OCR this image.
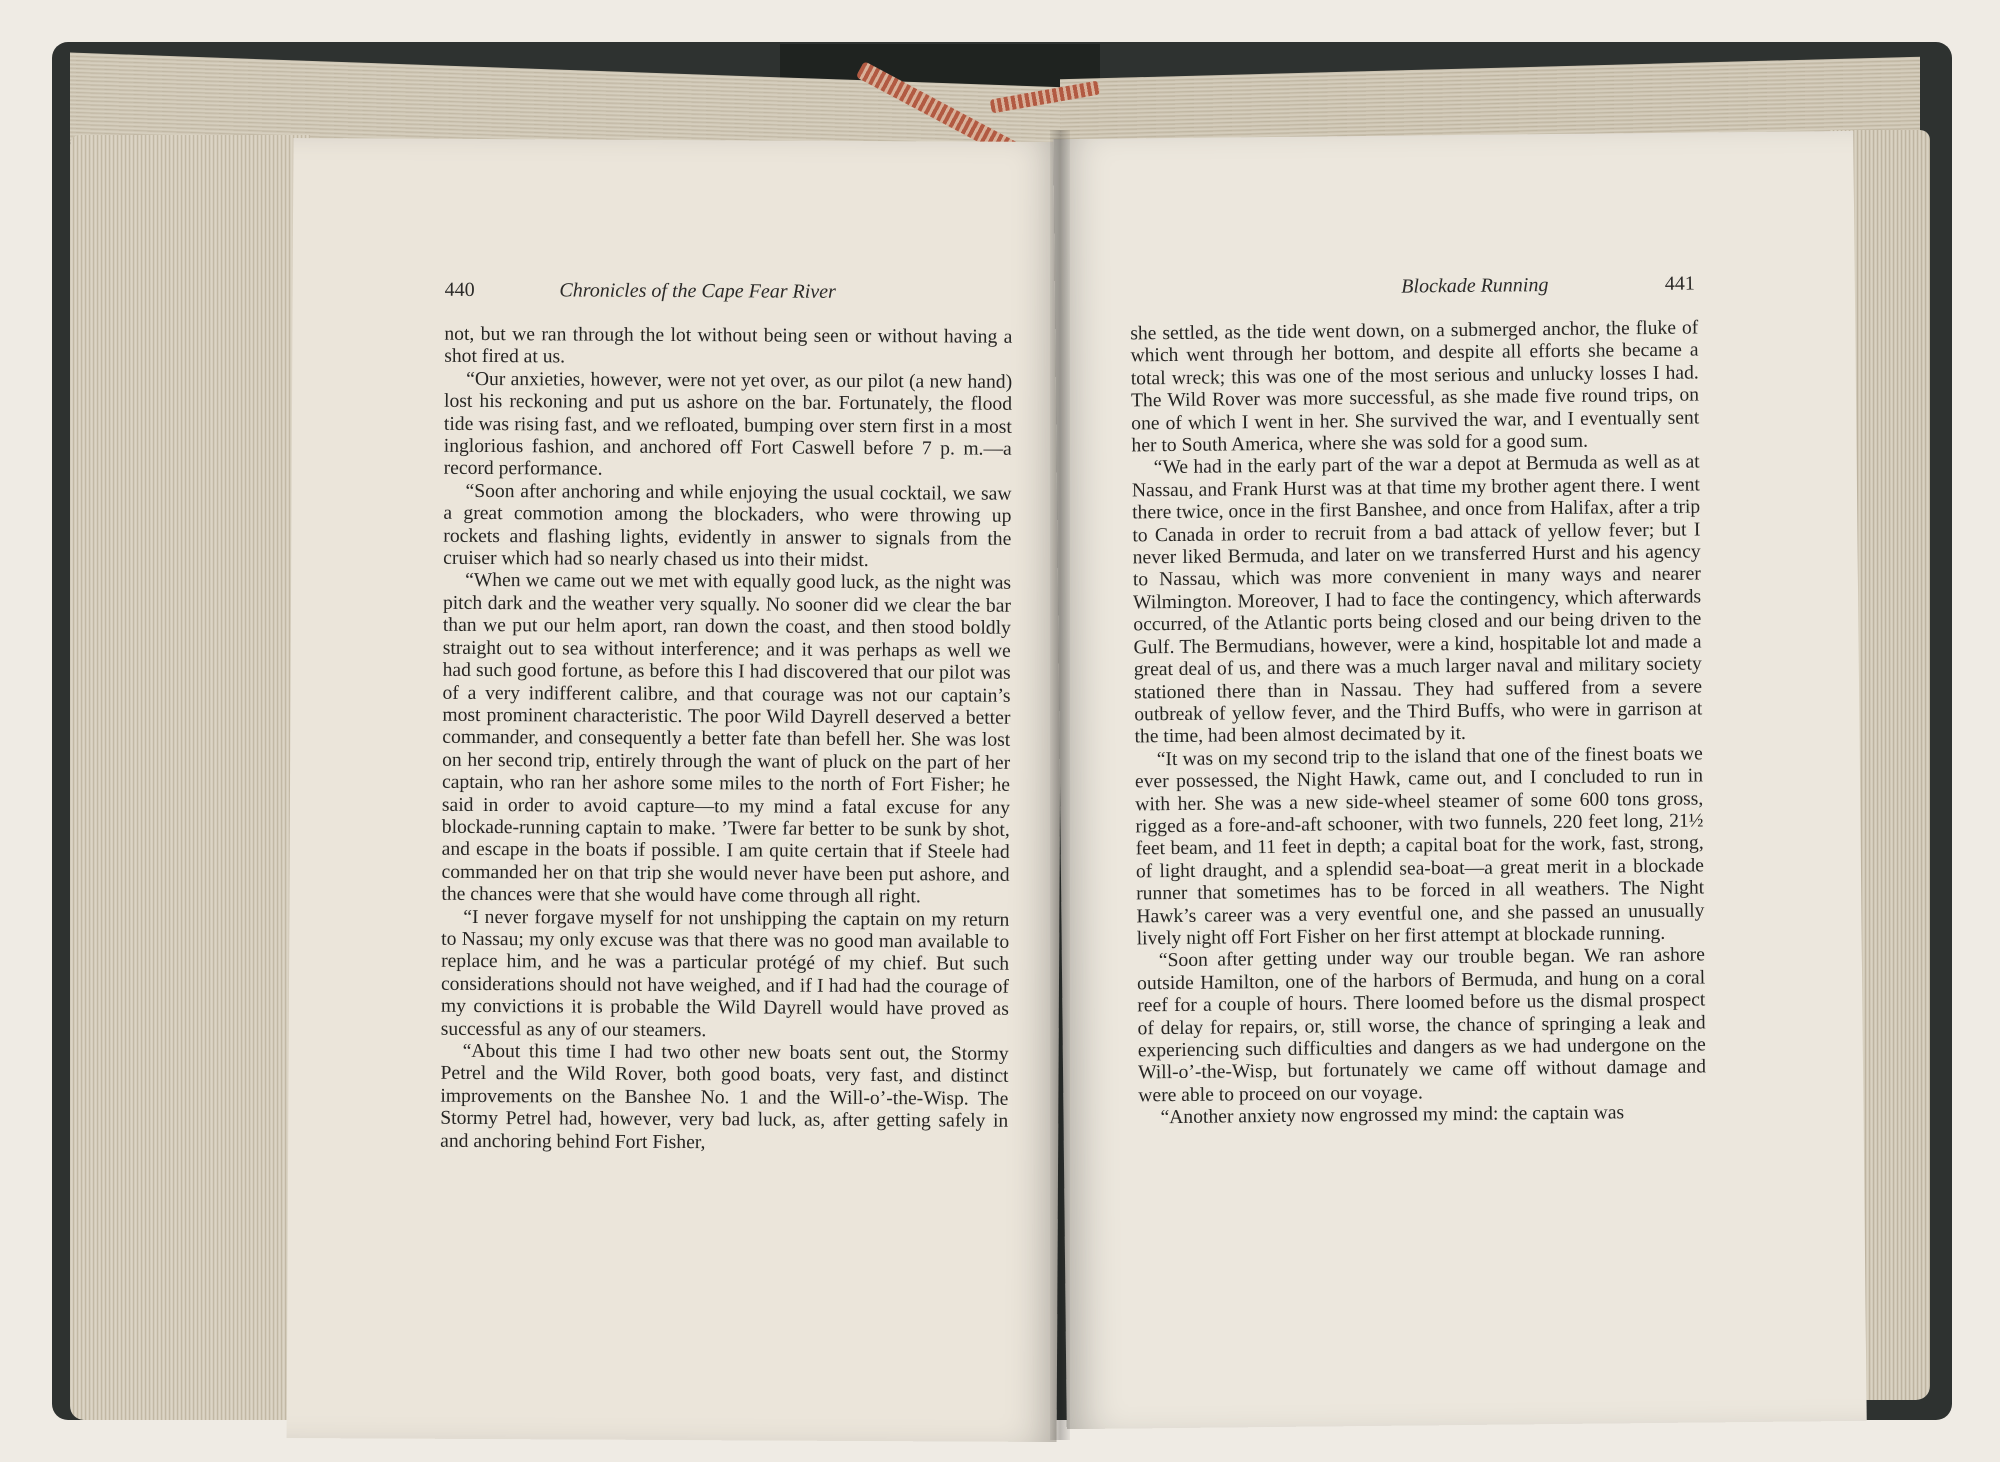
440	Chronicles of the Cape Fear River

not, but we ran through the lot without being seen or without having a shot fired at us.

“Our anxieties, however, were not yet over, as our pilot (a new hand) lost his reckoning and put us ashore on the bar. Fortunately, the flood tide was rising fast, and we refloated, bumping over stern first in a most inglorious fashion, and anchored off Fort Caswell before 7 p. m.—a record performance.

“Soon after anchoring and while enjoying the usual cocktail, we saw a great commotion among the blockaders, who were throwing up rockets and flashing lights, evidently in answer to signals from the cruiser which had so nearly chased us into their midst.

“When we came out we met with equally good luck, as the night was pitch dark and the weather very squally. No sooner did we clear the bar than we put our helm aport, ran down the coast, and then stood boldly straight out to sea without interference; and it was perhaps as well we had such good fortune, as before this I had discovered that our pilot was of a very indifferent calibre, and that courage was not our captain’s most prominent characteristic. The poor Wild Dayrell deserved a better commander, and consequently a better fate than befell her. She was lost on her second trip, entirely through the want of pluck on the part of her captain, who ran her ashore some miles to the north of Fort Fisher; he said in order to avoid capture—to my mind a fatal excuse for any blockade-running captain to make. ’Twere far better to be sunk by shot, and escape in the boats if possible. I am quite certain that if Steele had commanded her on that trip she would never have been put ashore, and the chances were that she would have come through all right.

“I never forgave myself for not unshipping the captain on my return to Nassau; my only excuse was that there was no good man available to replace him, and he was a particular protégé of my chief. But such considerations should not have weighed, and if I had had the courage of my convictions it is probable the Wild Dayrell would have proved as successful as any of our steamers.

“About this time I had two other new boats sent out, the Stormy Petrel and the Wild Rover, both good boats, very fast, and distinct improvements on the Banshee No. 1 and the Will-o’-the-Wisp. The Stormy Petrel had, however, very bad luck, as, after getting safely in and anchoring behind Fort Fisher,

Blockade Running	441

she settled, as the tide went down, on a submerged anchor, the fluke of which went through her bottom, and despite all efforts she became a total wreck; this was one of the most serious and unlucky losses I had. The Wild Rover was more successful, as she made five round trips, on one of which I went in her. She survived the war, and I eventually sent her to South America, where she was sold for a good sum.

“We had in the early part of the war a depot at Bermuda as well as at Nassau, and Frank Hurst was at that time my brother agent there. I went there twice, once in the first Banshee, and once from Halifax, after a trip to Canada in order to recruit from a bad attack of yellow fever; but I never liked Bermuda, and later on we transferred Hurst and his agency to Nassau, which was more convenient in many ways and nearer Wilmington. Moreover, I had to face the contingency, which afterwards occurred, of the Atlantic ports being closed and our being driven to the Gulf. The Bermudians, however, were a kind, hospitable lot and made a great deal of us, and there was a much larger naval and military society stationed there than in Nassau. They had suffered from a severe outbreak of yellow fever, and the Third Buffs, who were in garrison at the time, had been almost decimated by it.

“It was on my second trip to the island that one of the finest boats we ever possessed, the Night Hawk, came out, and I concluded to run in with her. She was a new side-wheel steamer of some 600 tons gross, rigged as a fore-and-aft schooner, with two funnels, 220 feet long, 21½ feet beam, and 11 feet in depth; a capital boat for the work, fast, strong, of light draught, and a splendid sea-boat—a great merit in a blockade runner that sometimes has to be forced in all weathers. The Night Hawk’s career was a very eventful one, and she passed an unusually lively night off Fort Fisher on her first attempt at blockade running.

“Soon after getting under way our trouble began. We ran ashore outside Hamilton, one of the harbors of Bermuda, and hung on a coral reef for a couple of hours. There loomed before us the dismal prospect of delay for repairs, or, still worse, the chance of springing a leak and experiencing such difficulties and dangers as we had undergone on the Will-o’-the-Wisp, but fortunately we came off without damage and were able to proceed on our voyage.

“Another anxiety now engrossed my mind: the captain was
